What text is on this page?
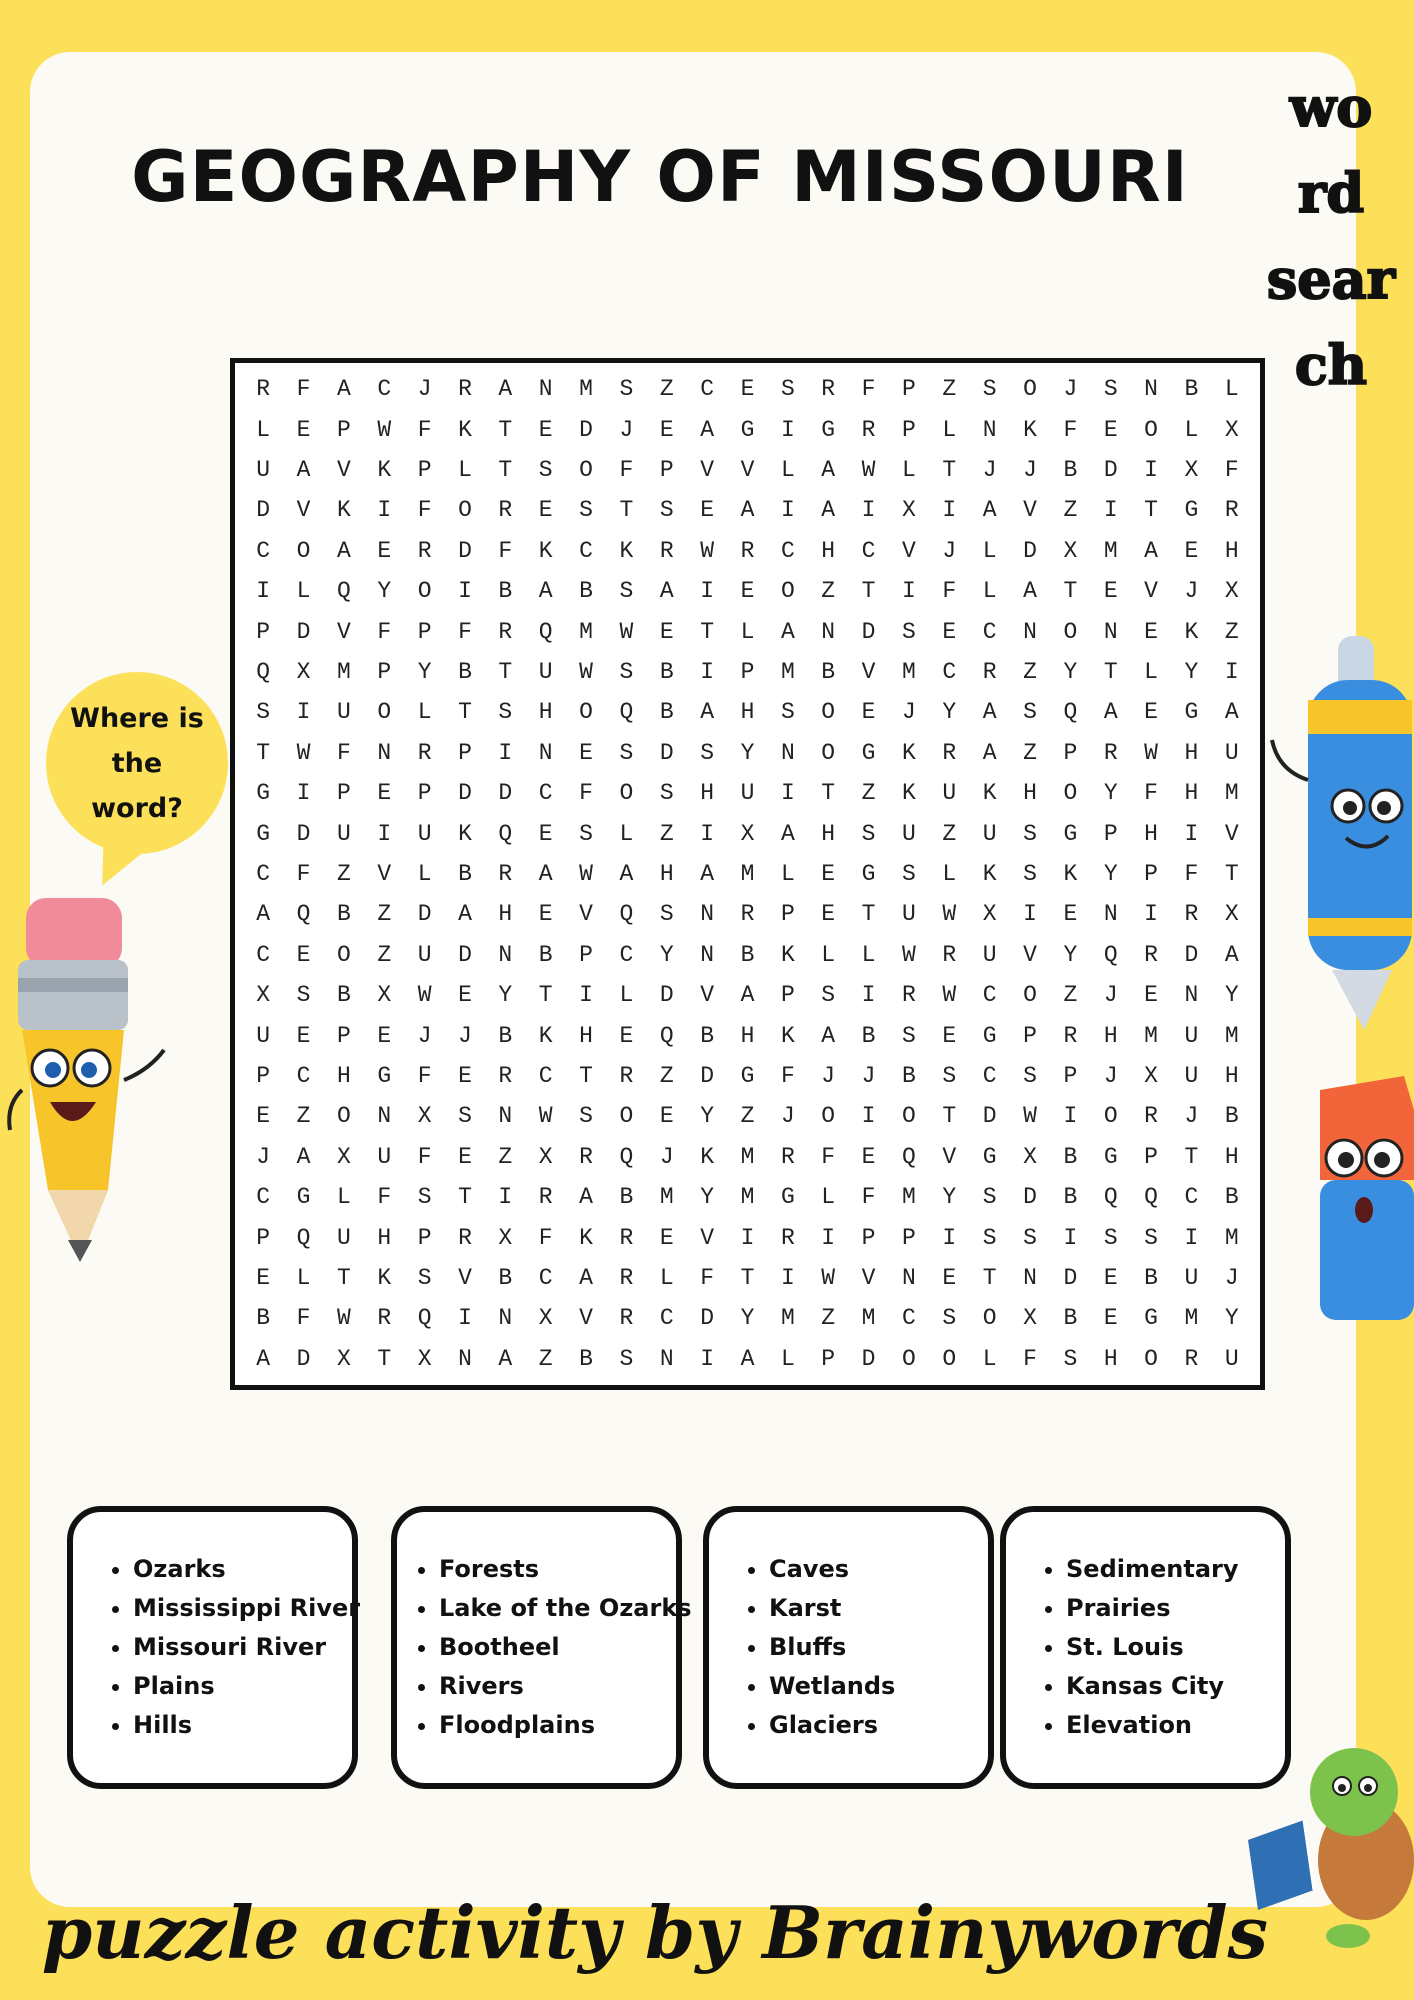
GEOGRAPHY OF MISSOURI
wo
rd
sear
ch
R	F	A	C	J	R	A	N	M	S	Z	C	E	S	R	F	P	Z	S	O	J	S	N	B	L
L	E	P	W	F	K	T	E	D	J	E	A	G	I	G	R	P	L	N	K	F	E	O	L	X
U	A	V	K	P	L	T	S	O	F	P	V	V	L	A	W	L	T	J	J	B	D	I	X	F
D	V	K	I	F	O	R	E	S	T	S	E	A	I	A	I	X	I	A	V	Z	I	T	G	R
C	O	A	E	R	D	F	K	C	K	R	W	R	C	H	C	V	J	L	D	X	M	A	E	H
I	L	Q	Y	O	I	B	A	B	S	A	I	E	O	Z	T	I	F	L	A	T	E	V	J	X
P	D	V	F	P	F	R	Q	M	W	E	T	L	A	N	D	S	E	C	N	O	N	E	K	Z
Q	X	M	P	Y	B	T	U	W	S	B	I	P	M	B	V	M	C	R	Z	Y	T	L	Y	I
S	I	U	O	L	T	S	H	O	Q	B	A	H	S	O	E	J	Y	A	S	Q	A	E	G	A
T	W	F	N	R	P	I	N	E	S	D	S	Y	N	O	G	K	R	A	Z	P	R	W	H	U
G	I	P	E	P	D	D	C	F	O	S	H	U	I	T	Z	K	U	K	H	O	Y	F	H	M
G	D	U	I	U	K	Q	E	S	L	Z	I	X	A	H	S	U	Z	U	S	G	P	H	I	V
C	F	Z	V	L	B	R	A	W	A	H	A	M	L	E	G	S	L	K	S	K	Y	P	F	T
A	Q	B	Z	D	A	H	E	V	Q	S	N	R	P	E	T	U	W	X	I	E	N	I	R	X
C	E	O	Z	U	D	N	B	P	C	Y	N	B	K	L	L	W	R	U	V	Y	Q	R	D	A
X	S	B	X	W	E	Y	T	I	L	D	V	A	P	S	I	R	W	C	O	Z	J	E	N	Y
U	E	P	E	J	J	B	K	H	E	Q	B	H	K	A	B	S	E	G	P	R	H	M	U	M
P	C	H	G	F	E	R	C	T	R	Z	D	G	F	J	J	B	S	C	S	P	J	X	U	H
E	Z	O	N	X	S	N	W	S	O	E	Y	Z	J	O	I	O	T	D	W	I	O	R	J	B
J	A	X	U	F	E	Z	X	R	Q	J	K	M	R	F	E	Q	V	G	X	B	G	P	T	H
C	G	L	F	S	T	I	R	A	B	M	Y	M	G	L	F	M	Y	S	D	B	Q	Q	C	B
P	Q	U	H	P	R	X	F	K	R	E	V	I	R	I	P	P	I	S	S	I	S	S	I	M
E	L	T	K	S	V	B	C	A	R	L	F	T	I	W	V	N	E	T	N	D	E	B	U	J
B	F	W	R	Q	I	N	X	V	R	C	D	Y	M	Z	M	C	S	O	X	B	E	G	M	Y
A	D	X	T	X	N	A	Z	B	S	N	I	A	L	P	D	O	O	L	F	S	H	O	R	U
Where is
the
word?
• Ozarks
• Mississippi River
• Missouri River
• Plains
• Hills
• Forests
• Lake of the Ozarks
• Bootheel
• Rivers
• Floodplains
• Caves
• Karst
• Bluffs
• Wetlands
• Glaciers
• Sedimentary
• Prairies
• St. Louis
• Kansas City
• Elevation
puzzle activity by Brainywords
